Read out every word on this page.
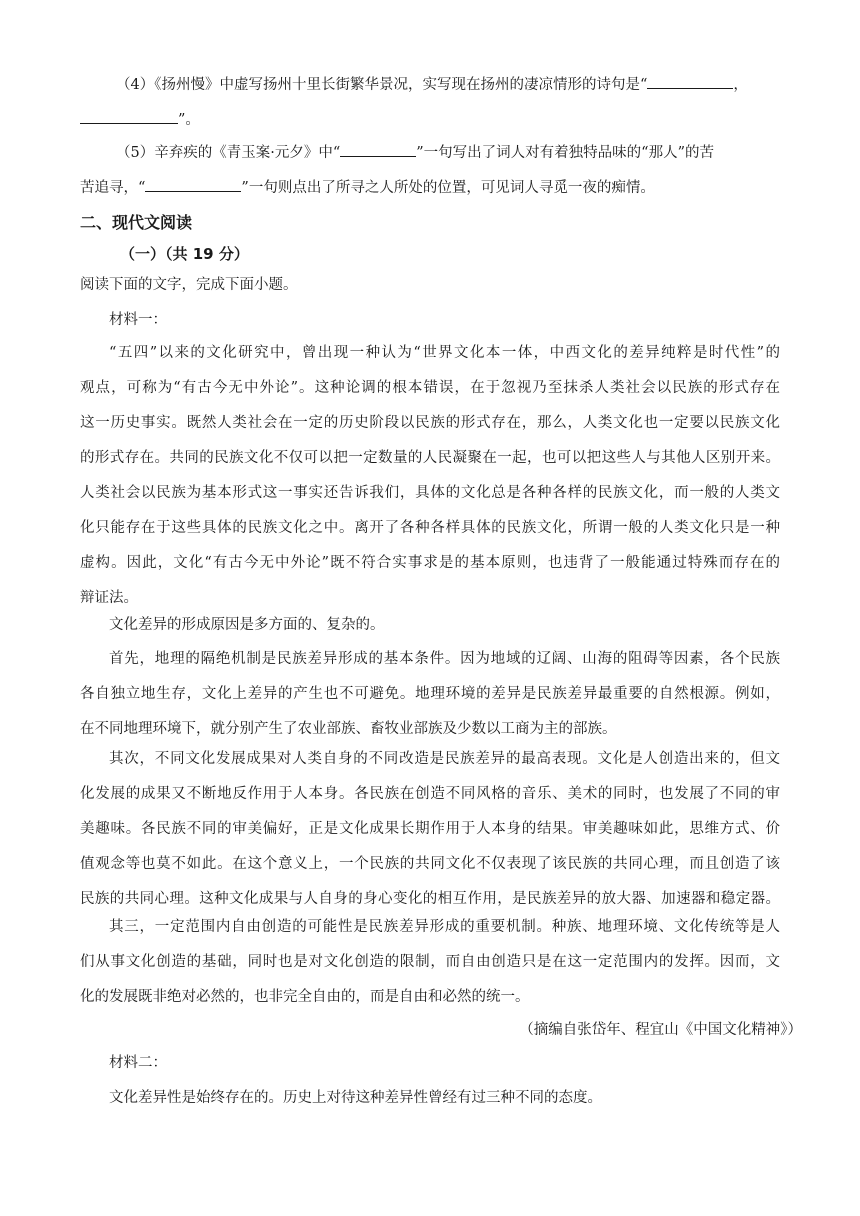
（4）《扬州慢》中虚写扬州十里长街繁华景况，实写现在扬州的凄凉情形的诗句是“	，
”。
（5）辛弃疾的《青玉案·元夕》中“	”一句写出了词人对有着独特品味的“那人”的苦
苦追寻，“	”一句则点出了所寻之人所处的位置，可见词人寻觅一夜的痴情。
二、现代文阅读
（一）（共 19 分）
阅读下面的文字，完成下面小题。
材料一：
“五四”以来的文化研究中，曾出现一种认为“世界文化本一体，中西文化的差异纯粹是时代性”的
观点，可称为“有古今无中外论”。这种论调的根本错误，在于忽视乃至抹杀人类社会以民族的形式存在
这一历史事实。既然人类社会在一定的历史阶段以民族的形式存在，那么，人类文化也一定要以民族文化
的形式存在。共同的民族文化不仅可以把一定数量的人民凝聚在一起，也可以把这些人与其他人区别开来。
人类社会以民族为基本形式这一事实还告诉我们，具体的文化总是各种各样的民族文化，而一般的人类文
化只能存在于这些具体的民族文化之中。离开了各种各样具体的民族文化，所谓一般的人类文化只是一种
虚构。因此，文化“有古今无中外论”既不符合实事求是的基本原则，也违背了一般能通过特殊而存在的
辩证法。
文化差异的形成原因是多方面的、复杂的。
首先，地理的隔绝机制是民族差异形成的基本条件。因为地域的辽阔、山海的阻碍等因素，各个民族
各自独立地生存，文化上差异的产生也不可避免。地理环境的差异是民族差异最重要的自然根源。例如，
在不同地理环境下，就分别产生了农业部族、畜牧业部族及少数以工商为主的部族。
其次，不同文化发展成果对人类自身的不同改造是民族差异的最高表现。文化是人创造出来的，但文
化发展的成果又不断地反作用于人本身。各民族在创造不同风格的音乐、美术的同时，也发展了不同的审
美趣味。各民族不同的审美偏好，正是文化成果长期作用于人本身的结果。审美趣味如此，思维方式、价
值观念等也莫不如此。在这个意义上，一个民族的共同文化不仅表现了该民族的共同心理，而且创造了该
民族的共同心理。这种文化成果与人自身的身心变化的相互作用，是民族差异的放大器、加速器和稳定器。
其三，一定范围内自由创造的可能性是民族差异形成的重要机制。种族、地理环境、文化传统等是人
们从事文化创造的基础，同时也是对文化创造的限制，而自由创造只是在这一定范围内的发挥。因而，文
化的发展既非绝对必然的，也非完全自由的，而是自由和必然的统一。
（摘编自张岱年、程宜山《中国文化精神》）
材料二：
文化差异性是始终存在的。历史上对待这种差异性曾经有过三种不同的态度。
